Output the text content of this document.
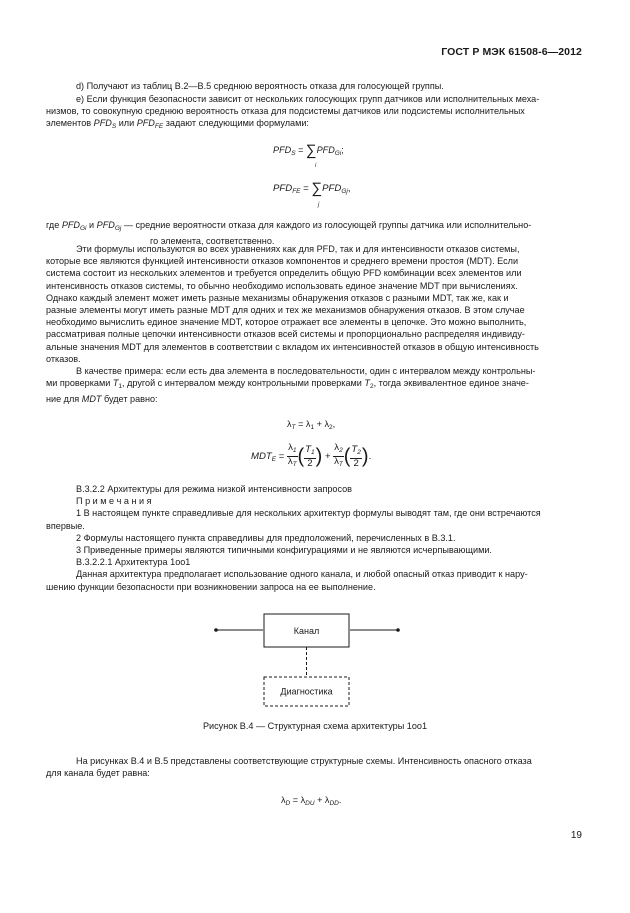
ГОСТ Р МЭК 61508-6—2012
d) Получают из таблиц В.2—В.5 среднюю вероятность отказа для голосующей группы.
е) Если функция безопасности зависит от нескольких голосующих групп датчиков или исполнительных меха-
низмов, то совокупную среднюю вероятность отказа для подсистемы датчиков или подсистемы исполнительных
элементов $PFD_S$ или $PFD_{FE}$ задают следующими формулами:
$PFD_S = \sum PFD_{Gi}$;
i
$PFD_{FE} = \sum PFD_{Gj}$,
j
где $PFD_{Gi}$ и $PFD_{Gj}$ — средние вероятности отказа для каждого из голосующей группы датчика или исполнительно-
го элемента, соответственно.
Эти формулы используются во всех уравнениях как для PFD, так и для интенсивности отказов системы,
которые все являются функцией интенсивности отказов компонентов и среднего времени простоя (MDT). Если
система состоит из нескольких элементов и требуется определить общую PFD комбинации всех элементов или
интенсивность отказов системы, то обычно необходимо использовать единое значение MDT при вычислениях.
Однако каждый элемент может иметь разные механизмы обнаружения отказов с разными MDT, так же, как и
разные элементы могут иметь разные MDT для одних и тех же механизмов обнаружения отказов. В этом случае
необходимо вычислить единое значение MDT, которое отражает все элементы в цепочке. Это можно выполнить,
рассматривая полные цепочки интенсивности отказов всей системы и пропорционально распределяя индивиду-
альные значения MDT для элементов в соответствии с вкладом их интенсивностей отказов в общую интенсивность
отказов.
В качестве примера: если есть два элемента в последовательности, один с интервалом между контрольны-
ми проверками $T_1$, другой с интервалом между контрольными проверками $T_2$, тогда эквивалентное единое значе-
ние для MDT будет равно:
$\lambda_T = \lambda_1 + \lambda_2$,
$MDT_E = \frac{\lambda_1}{\lambda_T}$ ( $\frac{T_1}{2}$ ) + $\frac{\lambda_2}{\lambda_T}$ ( $\frac{T_2}{2}$ ).
В.3.2.2 Архитектуры для режима низкой интенсивности запросов
П р и м е ч а н и я
1 В настоящем пункте справедливые для нескольких архитектур формулы выводят там, где они встречаются
впервые.
2 Формулы настоящего пункта справедливы для предположений, перечисленных в В.3.1.
3 Приведенные примеры являются типичными конфигурациями и не являются исчерпывающими.
В.3.2.2.1 Архитектура 1oo1
Данная архитектура предполагает использование одного канала, и любой опасный отказ приводит к нару-
шению функции безопасности при возникновении запроса на ее выполнение.
Канал
Диагностика
Рисунок В.4 — Структурная схема архитектуры 1oo1
На рисунках В.4 и В.5 представлены соответствующие структурные схемы. Интенсивность опасного отказа
для канала будет равна:
$\lambda_D = \lambda_{DU} + \lambda_{DD}$.
19
